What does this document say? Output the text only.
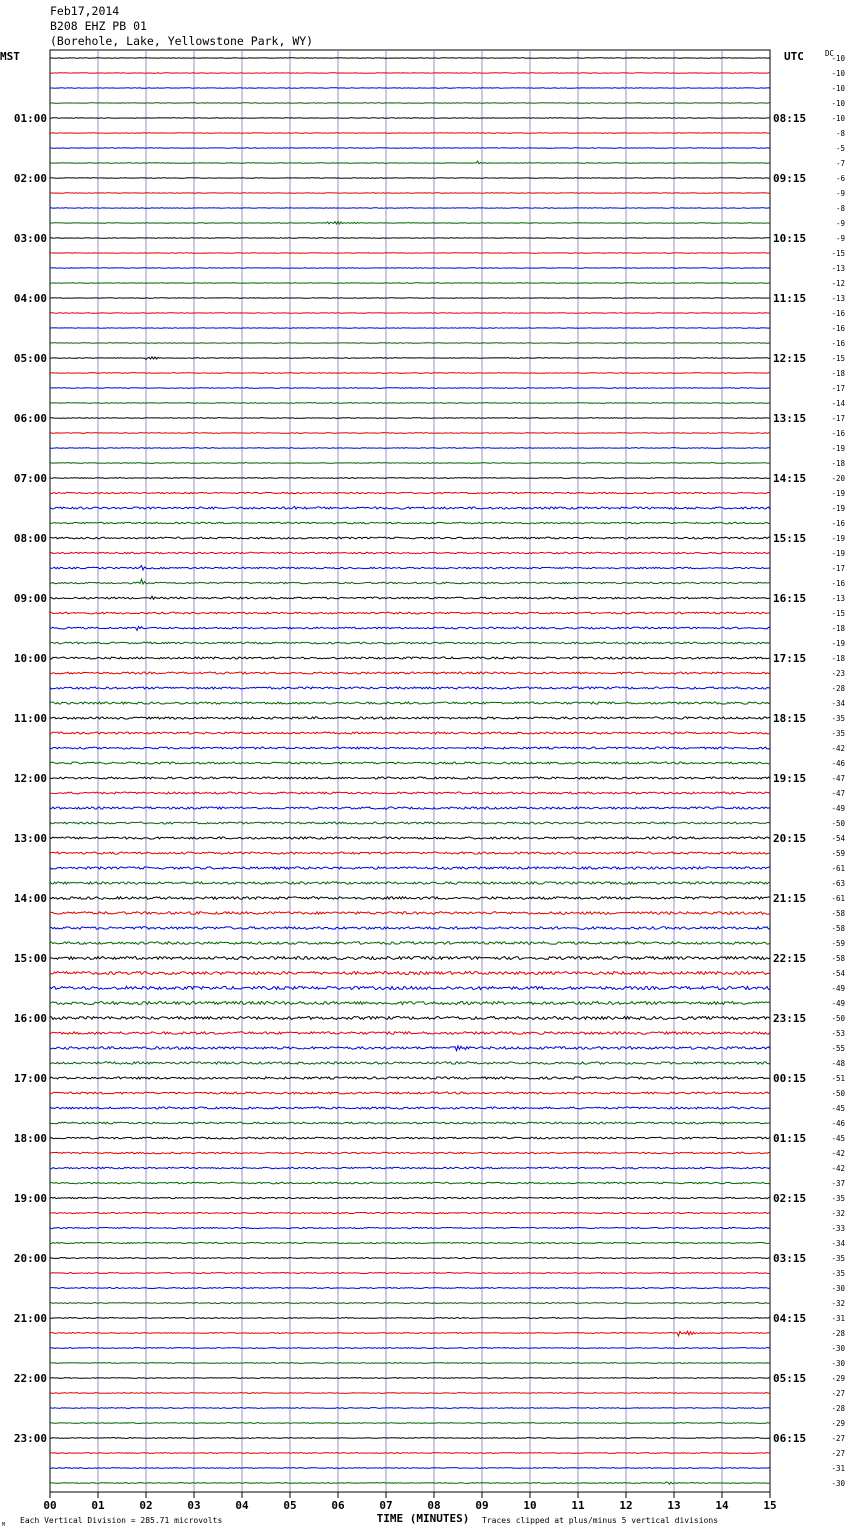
Feb17,2014
B208 EHZ PB 01
(Borehole, Lake, Yellowstone Park, WY)
-10
-10
-10
-10
-10
-8
-5
-7
-6
-9
-8
-9
-9
-15
-13
-12
-13
-16
-16
-16
-15
-18
-17
-14
-17
-16
-19
-18
-20
-19
-19
-16
-19
-19
-17
-16
-13
-15
-18
-19
-18
-23
-28
-34
-35
-35
-42
-46
-47
-47
-49
-50
-54
-59
-61
-63
-61
-58
-58
-59
-58
-54
-49
-49
-50
-53
-55
-48
-51
-50
-45
-46
-45
-42
-42
-37
-35
-32
-33
-34
-35
-35
-30
-32
-31
-28
-30
-30
-29
-27
-28
-29
-27
-27
-31
-30
01:00
02:00
03:00
04:00
05:00
06:00
07:00
08:00
09:00
10:00
11:00
12:00
13:00
14:00
15:00
16:00
17:00
18:00
19:00
20:00
21:00
22:00
23:00
08:15
09:15
10:15
11:15
12:15
13:15
14:15
15:15
16:15
17:15
18:15
19:15
20:15
21:15
22:15
23:15
00:15
01:15
02:15
03:15
04:15
05:15
06:15
MST	UTC	DC
00	01	02	03	04	05	06	07	08	09	10	11	12	13	14	15
TIME (MINUTES)
Each Vertical Division = 285.71 microvolts	Traces clipped at plus/minus 5 vertical divisions
M
